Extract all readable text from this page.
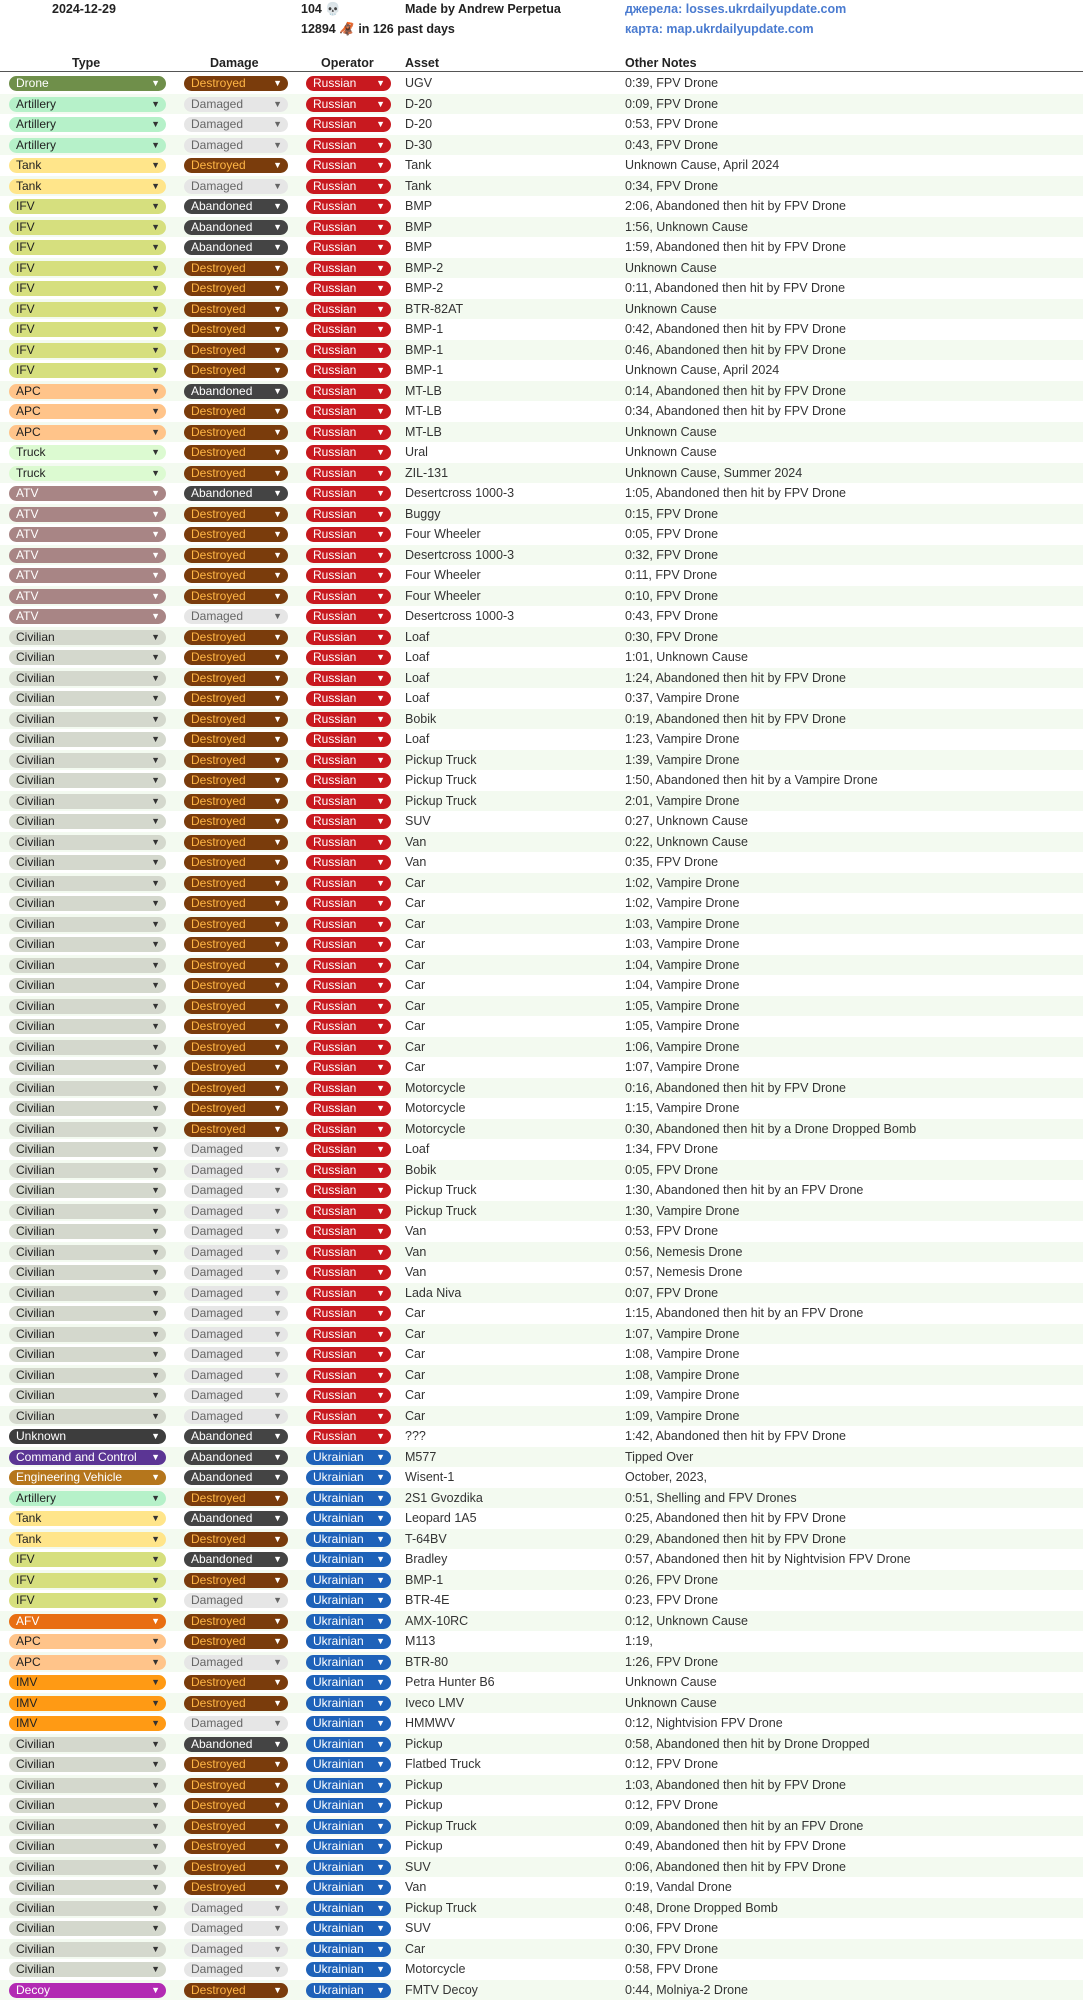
2024-12-29	104 💀
12894 🦧 in 126 past days
Made by Andrew Perpetua	джерела: losses.ukrdailyupdate.com
карта: map.ukrdailyupdate.com
Type	Damage	Operator Asset	Other Notes
Drone	▼	Destroyed	▼	Russian ▼ UGV	0:39, FPV Drone
Artillery	▼	Damaged	▼	Russian ▼ D-20	0:09, FPV Drone
Artillery	▼	Damaged	▼	Russian ▼ D-20	0:53, FPV Drone
Artillery	▼	Damaged	▼	Russian ▼ D-30	0:43, FPV Drone
Tank	▼	Destroyed	▼	Russian ▼ Tank	Unknown Cause, April 2024
Tank	▼	Damaged	▼	Russian ▼ Tank	0:34, FPV Drone
IFV	▼	Abandoned ▼	Russian ▼ BMP	2:06, Abandoned then hit by FPV Drone
IFV	▼	Abandoned ▼	Russian ▼ BMP	1:56, Unknown Cause
IFV	▼	Abandoned ▼	Russian ▼ BMP	1:59, Abandoned then hit by FPV Drone
IFV	▼	Destroyed	▼	Russian ▼ BMP-2	Unknown Cause
IFV	▼	Destroyed	▼	Russian ▼ BMP-2	0:11, Abandoned then hit by FPV Drone
IFV	▼	Destroyed	▼	Russian ▼ BTR-82AT	Unknown Cause
IFV	▼	Destroyed	▼	Russian ▼ BMP-1	0:42, Abandoned then hit by FPV Drone
IFV	▼	Destroyed	▼	Russian ▼ BMP-1	0:46, Abandoned then hit by FPV Drone
IFV	▼	Destroyed	▼	Russian ▼ BMP-1	Unknown Cause, April 2024
APC	▼	Abandoned ▼	Russian ▼ MT-LB	0:14, Abandoned then hit by FPV Drone
APC	▼	Destroyed	▼	Russian ▼ MT-LB	0:34, Abandoned then hit by FPV Drone
APC	▼	Destroyed	▼	Russian ▼ MT-LB	Unknown Cause
Truck	▼	Destroyed	▼	Russian ▼ Ural	Unknown Cause
Truck	▼	Destroyed	▼	Russian ▼ ZIL-131	Unknown Cause, Summer 2024
ATV	▼	Abandoned ▼	Russian ▼ Desertcross 1000-3	1:05, Abandoned then hit by FPV Drone
ATV	▼	Destroyed	▼	Russian ▼ Buggy	0:15, FPV Drone
ATV	▼	Destroyed	▼	Russian ▼ Four Wheeler	0:05, FPV Drone
ATV	▼	Destroyed	▼	Russian ▼ Desertcross 1000-3	0:32, FPV Drone
ATV	▼	Destroyed	▼	Russian ▼ Four Wheeler	0:11, FPV Drone
ATV	▼	Destroyed	▼	Russian ▼ Four Wheeler	0:10, FPV Drone
ATV	▼	Damaged	▼	Russian ▼ Desertcross 1000-3	0:43, FPV Drone
Civilian	▼	Destroyed	▼	Russian ▼ Loaf	0:30, FPV Drone
Civilian	▼	Destroyed	▼	Russian ▼ Loaf	1:01, Unknown Cause
Civilian	▼	Destroyed	▼	Russian ▼ Loaf	1:24, Abandoned then hit by FPV Drone
Civilian	▼	Destroyed	▼	Russian ▼ Loaf	0:37, Vampire Drone
Civilian	▼	Destroyed	▼	Russian ▼ Bobik	0:19, Abandoned then hit by FPV Drone
Civilian	▼	Destroyed	▼	Russian ▼ Loaf	1:23, Vampire Drone
Civilian	▼	Destroyed	▼	Russian ▼ Pickup Truck	1:39, Vampire Drone
Civilian	▼	Destroyed	▼	Russian ▼ Pickup Truck	1:50, Abandoned then hit by a Vampire Drone
Civilian	▼	Destroyed	▼	Russian ▼ Pickup Truck	2:01, Vampire Drone
Civilian	▼	Destroyed	▼	Russian ▼ SUV	0:27, Unknown Cause
Civilian	▼	Destroyed	▼	Russian ▼ Van	0:22, Unknown Cause
Civilian	▼	Destroyed	▼	Russian ▼ Van	0:35, FPV Drone
Civilian	▼	Destroyed	▼	Russian ▼ Car	1:02, Vampire Drone
Civilian	▼	Destroyed	▼	Russian ▼ Car	1:02, Vampire Drone
Civilian	▼	Destroyed	▼	Russian ▼ Car	1:03, Vampire Drone
Civilian	▼	Destroyed	▼	Russian ▼ Car	1:03, Vampire Drone
Civilian	▼	Destroyed	▼	Russian ▼ Car	1:04, Vampire Drone
Civilian	▼	Destroyed	▼	Russian ▼ Car	1:04, Vampire Drone
Civilian	▼	Destroyed	▼	Russian ▼ Car	1:05, Vampire Drone
Civilian	▼	Destroyed	▼	Russian ▼ Car	1:05, Vampire Drone
Civilian	▼	Destroyed	▼	Russian ▼ Car	1:06, Vampire Drone
Civilian	▼	Destroyed	▼	Russian ▼ Car	1:07, Vampire Drone
Civilian	▼	Destroyed	▼	Russian ▼ Motorcycle	0:16, Abandoned then hit by FPV Drone
Civilian	▼	Destroyed	▼	Russian ▼ Motorcycle	1:15, Vampire Drone
Civilian	▼	Destroyed	▼	Russian ▼ Motorcycle	0:30, Abandoned then hit by a Drone Dropped Bomb
Civilian	▼	Damaged	▼	Russian ▼ Loaf	1:34, FPV Drone
Civilian	▼	Damaged	▼	Russian ▼ Bobik	0:05, FPV Drone
Civilian	▼	Damaged	▼	Russian ▼ Pickup Truck	1:30, Abandoned then hit by an FPV Drone
Civilian	▼	Damaged	▼	Russian ▼ Pickup Truck	1:30, Vampire Drone
Civilian	▼	Damaged	▼	Russian ▼ Van	0:53, FPV Drone
Civilian	▼	Damaged	▼	Russian ▼ Van	0:56, Nemesis Drone
Civilian	▼	Damaged	▼	Russian ▼ Van	0:57, Nemesis Drone
Civilian	▼	Damaged	▼	Russian ▼ Lada Niva	0:07, FPV Drone
Civilian	▼	Damaged	▼	Russian ▼ Car	1:15, Abandoned then hit by an FPV Drone
Civilian	▼	Damaged	▼	Russian ▼ Car	1:07, Vampire Drone
Civilian	▼	Damaged	▼	Russian ▼ Car	1:08, Vampire Drone
Civilian	▼	Damaged	▼	Russian ▼ Car	1:08, Vampire Drone
Civilian	▼	Damaged	▼	Russian ▼ Car	1:09, Vampire Drone
Civilian	▼	Damaged	▼	Russian ▼ Car	1:09, Vampire Drone
Unknown	▼	Abandoned ▼	Russian ▼ ???	1:42, Abandoned then hit by FPV Drone
Command and Control ▼	Abandoned ▼	Ukrainian ▼ M577	Tipped Over
Engineering Vehicle	▼	Abandoned ▼	Ukrainian ▼ Wisent-1	October, 2023,
Artillery	▼	Destroyed	▼	Ukrainian ▼ 2S1 Gvozdika	0:51, Shelling and FPV Drones
Tank	▼	Abandoned ▼	Ukrainian ▼ Leopard 1A5	0:25, Abandoned then hit by FPV Drone
Tank	▼	Destroyed	▼	Ukrainian ▼ T-64BV	0:29, Abandoned then hit by FPV Drone
IFV	▼	Abandoned ▼	Ukrainian ▼ Bradley	0:57, Abandoned then hit by Nightvision FPV Drone
IFV	▼	Destroyed	▼	Ukrainian ▼ BMP-1	0:26, FPV Drone
IFV	▼	Damaged	▼	Ukrainian ▼ BTR-4E	0:23, FPV Drone
AFV	▼	Destroyed	▼	Ukrainian ▼ AMX-10RC	0:12, Unknown Cause
APC	▼	Destroyed	▼	Ukrainian ▼ M113	1:19,
APC	▼	Damaged	▼	Ukrainian ▼ BTR-80	1:26, FPV Drone
IMV	▼	Destroyed	▼	Ukrainian ▼ Petra Hunter B6	Unknown Cause
IMV	▼	Destroyed	▼	Ukrainian ▼ Iveco LMV	Unknown Cause
IMV	▼	Damaged	▼	Ukrainian ▼ HMMWV	0:12, Nightvision FPV Drone
Civilian	▼	Abandoned ▼	Ukrainian ▼ Pickup	0:58, Abandoned then hit by Drone Dropped
Civilian	▼	Destroyed	▼	Ukrainian ▼ Flatbed Truck	0:12, FPV Drone
Civilian	▼	Destroyed	▼	Ukrainian ▼ Pickup	1:03, Abandoned then hit by FPV Drone
Civilian	▼	Destroyed	▼	Ukrainian ▼ Pickup	0:12, FPV Drone
Civilian	▼	Destroyed	▼	Ukrainian ▼ Pickup Truck	0:09, Abandoned then hit by an FPV Drone
Civilian	▼	Destroyed	▼	Ukrainian ▼ Pickup	0:49, Abandoned then hit by FPV Drone
Civilian	▼	Destroyed	▼	Ukrainian ▼ SUV	0:06, Abandoned then hit by FPV Drone
Civilian	▼	Destroyed	▼	Ukrainian ▼ Van	0:19, Vandal Drone
Civilian	▼	Damaged	▼	Ukrainian ▼ Pickup Truck	0:48, Drone Dropped Bomb
Civilian	▼	Damaged	▼	Ukrainian ▼ SUV	0:06, FPV Drone
Civilian	▼	Damaged	▼	Ukrainian ▼ Car	0:30, FPV Drone
Civilian	▼	Damaged	▼	Ukrainian ▼ Motorcycle	0:58, FPV Drone
Decoy	▼	Destroyed	▼	Ukrainian ▼ FMTV Decoy	0:44, Molniya-2 Drone
